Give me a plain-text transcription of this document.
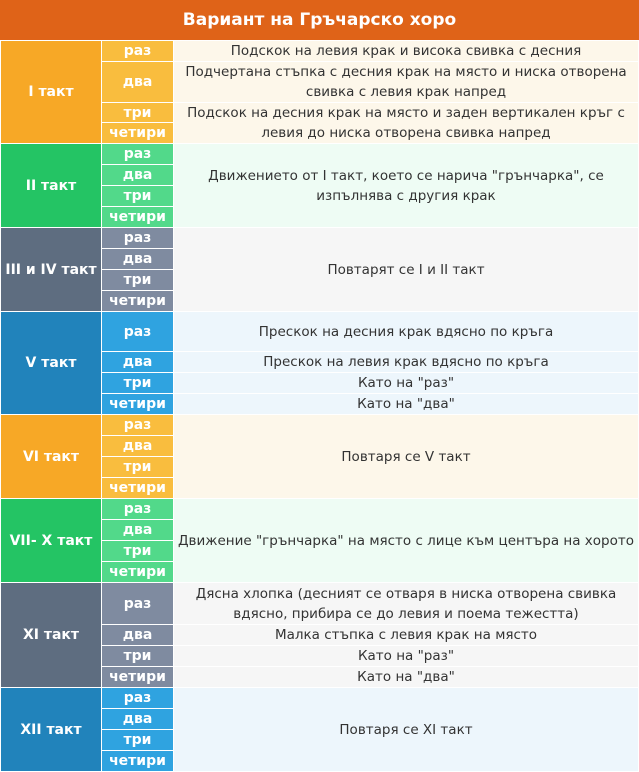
Вариант на Гръчарско хоро
I такт	раз	Подскок на левия крак и висока свивка с десния
	два	Подчертана стъпка с десния крак на място и ниска отворена свивка с левия крак напред
	три	Подскок на десния крак на място и заден вертикален кръг с левия до ниска отворена свивка напред
	четири	
II такт	раз	Движението от I такт, което се нарича "грънчарка", се изпълнява с другия крак
	два	
	три	
	четири	
III и IV такт	раз	Повтарят се I и II такт
	два	
	три	
	четири	
V такт	раз	Прескок на десния крак вдясно по кръга
	два	Прескок на левия крак вдясно по кръга
	три	Като на "раз"
	четири	Като на "два"
VI такт	раз	Повтаря се V такт
	два	
	три	
	четири	
VII- X такт	раз	Движение "грънчарка" на място с лице към центъра на хорото
	два	
	три	
	четири	
XI такт	раз	Дясна хлопка (десният се отваря в ниска отворена свивка вдясно, прибира се до левия и поема тежестта)
	два	Малка стъпка с левия крак на място
	три	Като на "раз"
	четири	Като на "два"
XII такт	раз	Повтаря се XI такт
	два	
	три	
	четири	
